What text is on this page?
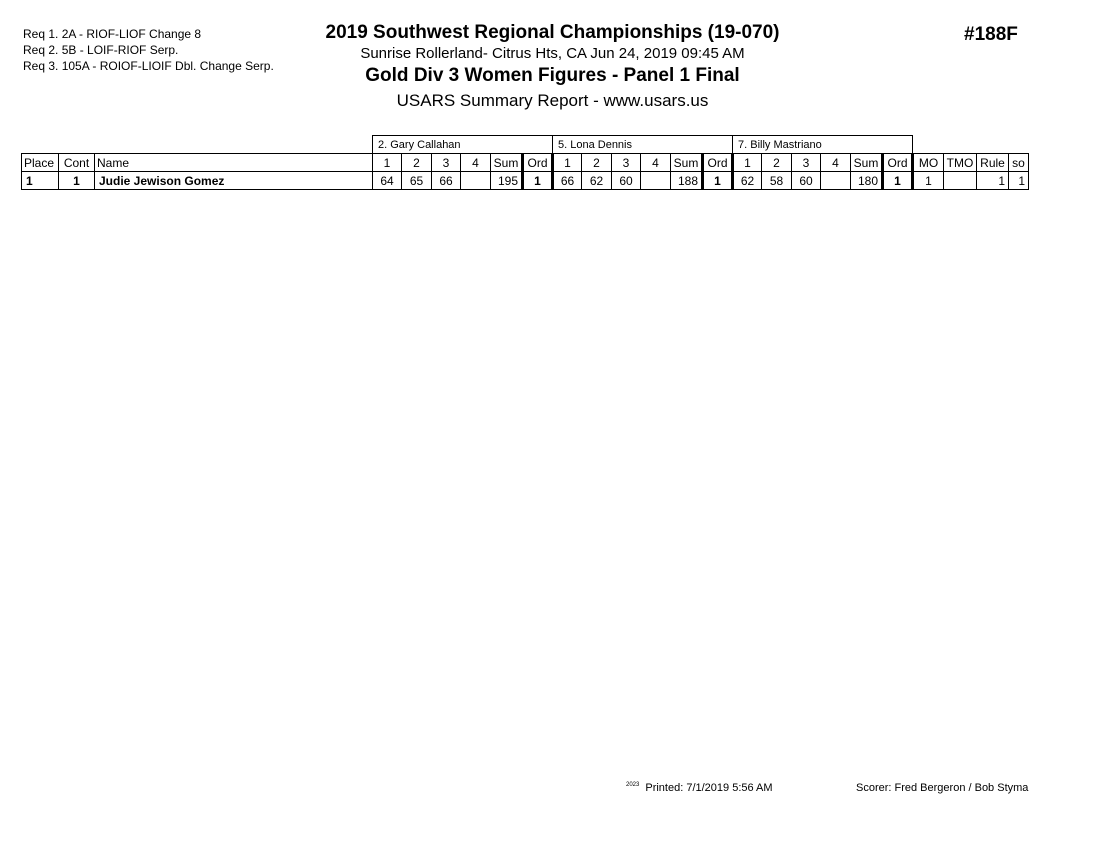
Req 1. 2A - RIOF-LIOF Change 8
Req 2. 5B - LOIF-RIOF Serp.
Req 3. 105A - ROIOF-LIOIF Dbl. Change Serp.
2019 Southwest Regional Championships (19-070)
Sunrise Rollerland- Citrus Hts, CA Jun 24, 2019 09:45 AM
Gold Div 3 Women Figures - Panel 1 Final
USARS Summary Report - www.usars.us
#188F
			2. Gary Callahan						5. Lona Dennis						7. Billy Mastriano									
Place	Cont	Name	1	2	3	4	Sum	Ord	1	2	3	4	Sum	Ord	1	2	3	4	Sum	Ord	MO	TMO	Rule	so
1	1	Judie Jewison Gomez	64	65	66		195	1	66	62	60		188	1	62	58	60		180	1	1		1	1
$^{2023}$ Printed: 7/1/2019 5:56 AM	Scorer: Fred Bergeron / Bob Styma
